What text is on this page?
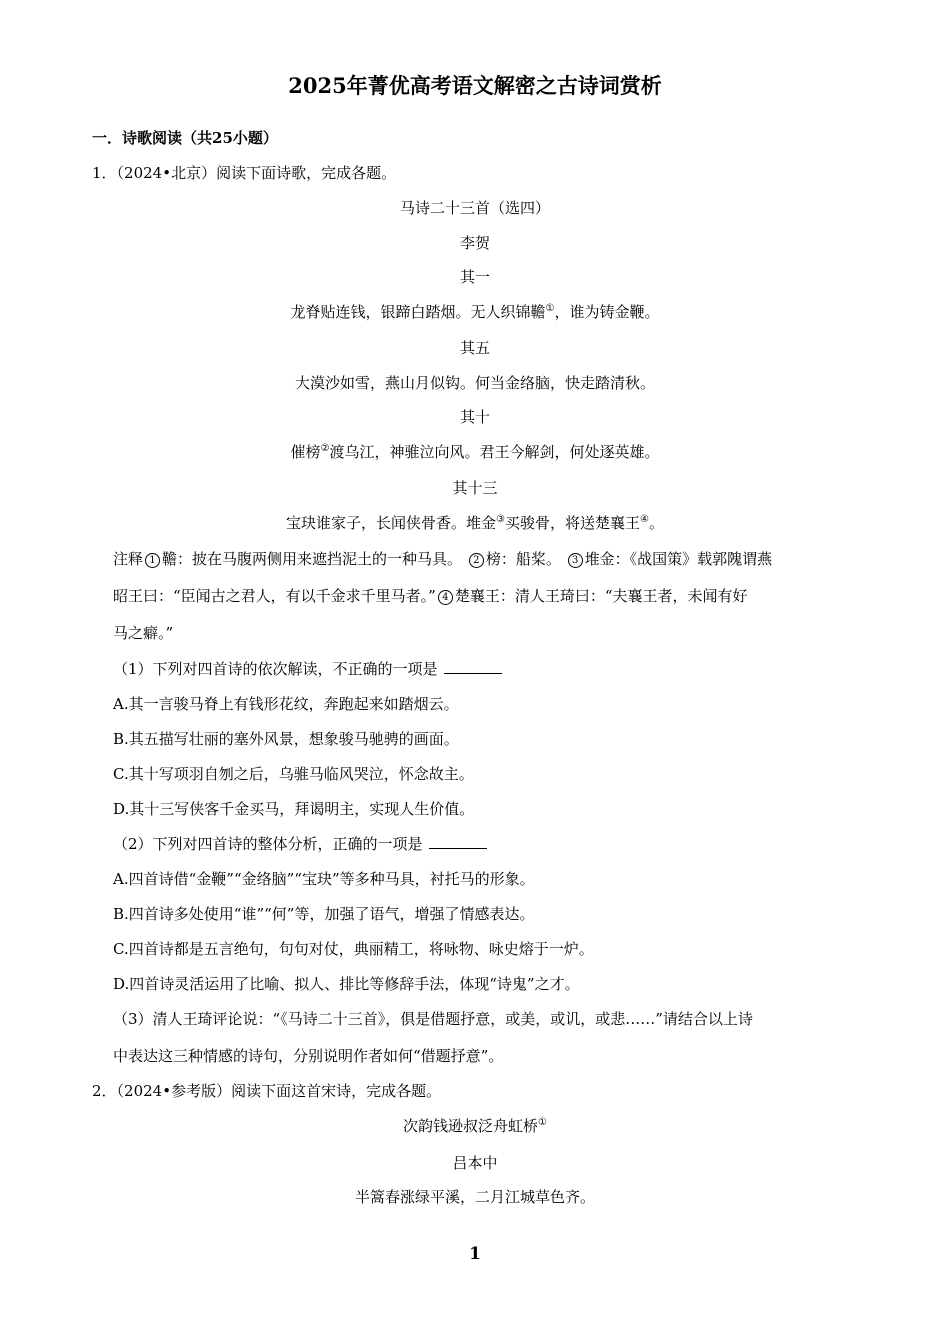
2025年菁优高考语文解密之古诗词赏析
一．诗歌阅读（共25小题）
1．（2024•北京）阅读下面诗歌，完成各题。
马诗二十三首（选四）
李贺
其一
龙脊贴连钱，银蹄白踏烟。无人织锦韂①，谁为铸金鞭。
其五
大漠沙如雪，燕山月似钩。何当金络脑，快走踏清秋。
其十
催榜②渡乌江，神骓泣向风。君王今解剑，何处逐英雄。
其十三
宝玦谁家子，长闻侠骨香。堆金③买骏骨，将送楚襄王④。
注释 1 韂：披在马腹两侧用来遮挡泥土的一种马具。 2 榜：船桨。 3 堆金：《战国策》载郭隗谓燕
昭王曰：“臣闻古之君人，有以千金求千里马者。” 4 楚襄王：清人王琦曰：“夫襄王者，未闻有好
马之癖。”
（1）下列对四首诗的依次解读，不正确的一项是
A.其一言骏马脊上有钱形花纹，奔跑起来如踏烟云。
B.其五描写壮丽的塞外风景，想象骏马驰骋的画面。
C.其十写项羽自刎之后，乌骓马临风哭泣，怀念故主。
D.其十三写侠客千金买马，拜谒明主，实现人生价值。
（2）下列对四首诗的整体分析，正确的一项是
A.四首诗借“金鞭”“金络脑”“宝玦”等多种马具，衬托马的形象。
B.四首诗多处使用“谁”“何”等，加强了语气，增强了情感表达。
C.四首诗都是五言绝句，句句对仗，典丽精工，将咏物、咏史熔于一炉。
D.四首诗灵活运用了比喻、拟人、排比等修辞手法，体现“诗鬼”之才。
（3）清人王琦评论说：“《马诗二十三首》，俱是借题抒意，或美，或讥，或悲……”请结合以上诗
中表达这三种情感的诗句，分别说明作者如何“借题抒意”。
2．（2024•参考版）阅读下面这首宋诗，完成各题。
次韵钱逊叔泛舟虹桥①
吕本中
半篙春涨绿平溪，二月江城草色齐。
1
